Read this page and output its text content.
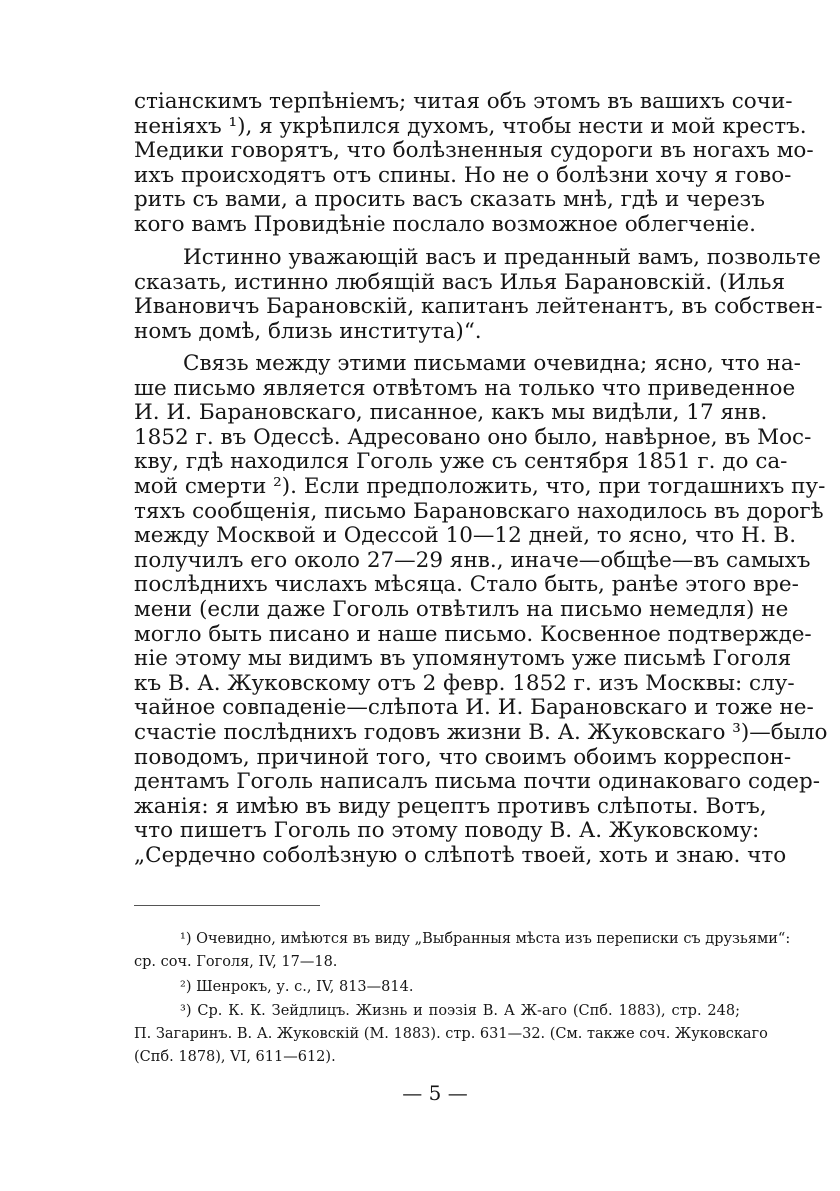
стіанскимъ терпѣніемъ; читая объ этомъ въ вашихъ сочи-
неніяхъ ¹), я укрѣпился духомъ, чтобы нести и мой крестъ.
Медики говорятъ, что болѣзненныя судороги въ ногахъ мо-
ихъ происходятъ отъ спины. Но не о болѣзни хочу я гово-
рить съ вами, а просить васъ сказать мнѣ, гдѣ и черезъ
кого вамъ Провидѣніе послало возможное облегченіе.
Истинно уважающій васъ и преданный вамъ, позвольте
сказать, истинно любящій васъ Илья Барановскій. (Илья
Ивановичъ Барановскій, капитанъ лейтенантъ, въ собствен-
номъ домѣ, близь института)“.
Связь между этими письмами очевидна; ясно, что на-
ше письмо является отвѣтомъ на только что приведенное
И. И. Барановскаго, писанное, какъ мы видѣли, 17 янв.
1852 г. въ Одессѣ. Адресовано оно было, навѣрное, въ Мос-
кву, гдѣ находился Гоголь уже съ сентября 1851 г. до са-
мой смерти ²). Если предположить, что, при тогдашнихъ пу-
тяхъ сообщенія, письмо Барановскаго находилось въ дорогѣ
между Москвой и Одессой 10—12 дней, то ясно, что Н. В.
получилъ его около 27—29 янв., иначе—общѣе—въ самыхъ
послѣднихъ числахъ мѣсяца. Стало быть, ранѣе этого вре-
мени (если даже Гоголь отвѣтилъ на письмо немедля) не
могло быть писано и наше письмо. Косвенное подтвержде-
ніе этому мы видимъ въ упомянутомъ уже письмѣ Гоголя
къ В. А. Жуковскому отъ 2 февр. 1852 г. изъ Москвы: слу-
чайное совпаденіе—слѣпота И. И. Барановскаго и тоже не-
счастіе послѣднихъ годовъ жизни В. А. Жуковскаго ³)—было
поводомъ, причиной того, что своимъ обоимъ корреспон-
дентамъ Гоголь написалъ письма почти одинаковаго содер-
жанія: я имѣю въ виду рецептъ противъ слѣпоты. Вотъ,
что пишетъ Гоголь по этому поводу В. А. Жуковскому:
„Сердечно соболѣзную о слѣпотѣ твоей, хоть и знаю. что
¹) Очевидно, имѣются въ виду „Выбранныя мѣста изъ переписки съ друзьями“:
ср. соч. Гоголя, IV, 17—18.
²) Шенрокъ, у. с., IV, 813—814.
³) Ср. К. К. Зейдлицъ. Жизнь и поэзія В. А Ж-аго (Спб. 1883), стр. 248;
П. Загаринъ. В. А. Жуковскій (М. 1883). стр. 631—32. (См. также соч. Жуковскаго
(Спб. 1878), VI, 611—612).
— 5 —
